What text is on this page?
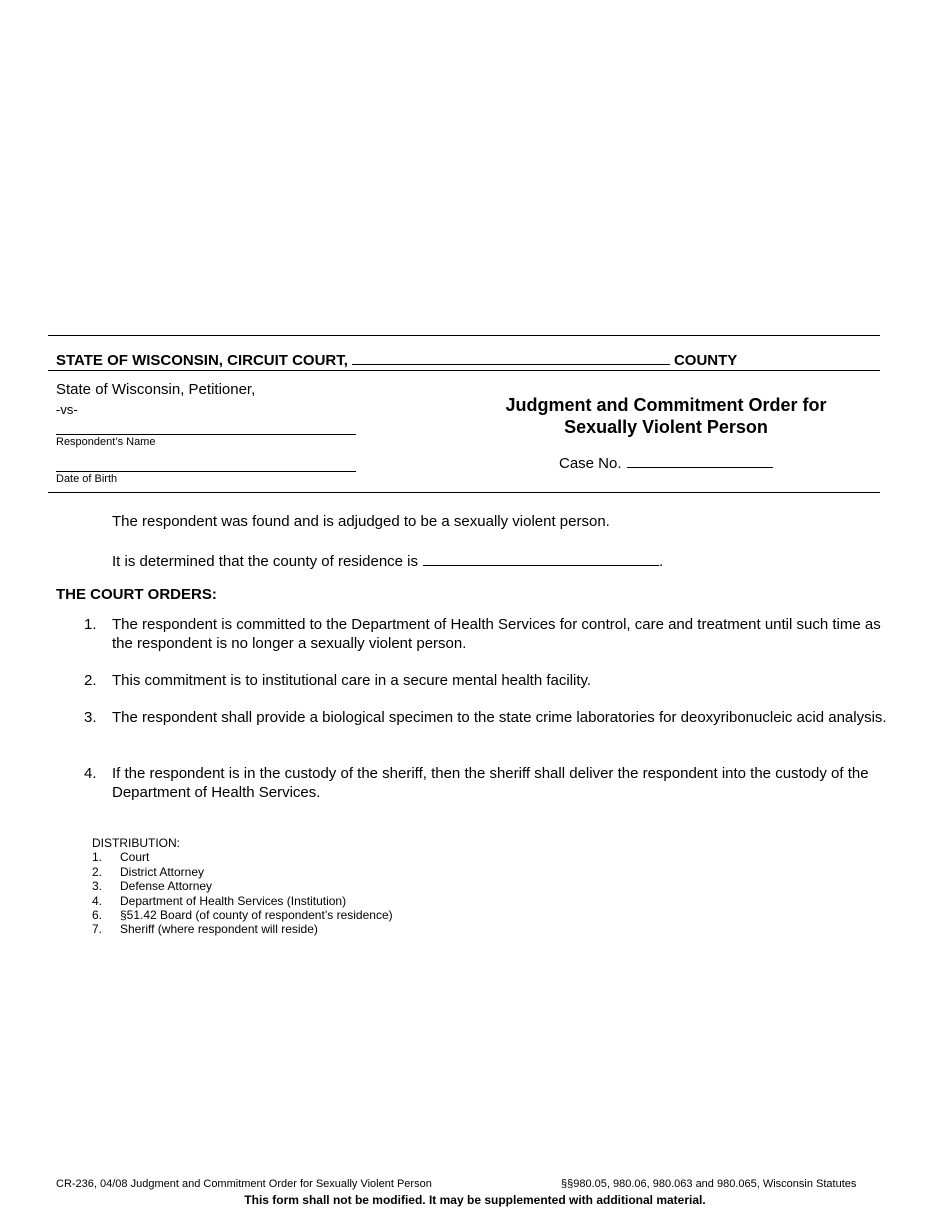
STATE OF WISCONSIN, CIRCUIT COURT,	COUNTY
State of Wisconsin, Petitioner,
-vs-
Respondent’s Name
Date of Birth
Judgment and Commitment Order for
Sexually Violent Person
Case No.
The respondent was found and is adjudged to be a sexually violent person.
It is determined that the county of residence is	.
THE COURT ORDERS:
1. The respondent is committed to the Department of Health Services for control, care and treatment until such time as the respondent is no longer a sexually violent person.
2. This commitment is to institutional care in a secure mental health facility.
3. The respondent shall provide a biological specimen to the state crime laboratories for deoxyribonucleic acid analysis.
4. If the respondent is in the custody of the sheriff, then the sheriff shall deliver the respondent into the custody of the Department of Health Services.
DISTRIBUTION:
1. Court
2. District Attorney
3. Defense Attorney
4. Department of Health Services (Institution)
6. §51.42 Board (of county of respondent’s residence)
7. Sheriff (where respondent will reside)
CR-236, 04/08 Judgment and Commitment Order for Sexually Violent Person	§§980.05, 980.06, 980.063 and 980.065, Wisconsin Statutes
This form shall not be modified. It may be supplemented with additional material.
